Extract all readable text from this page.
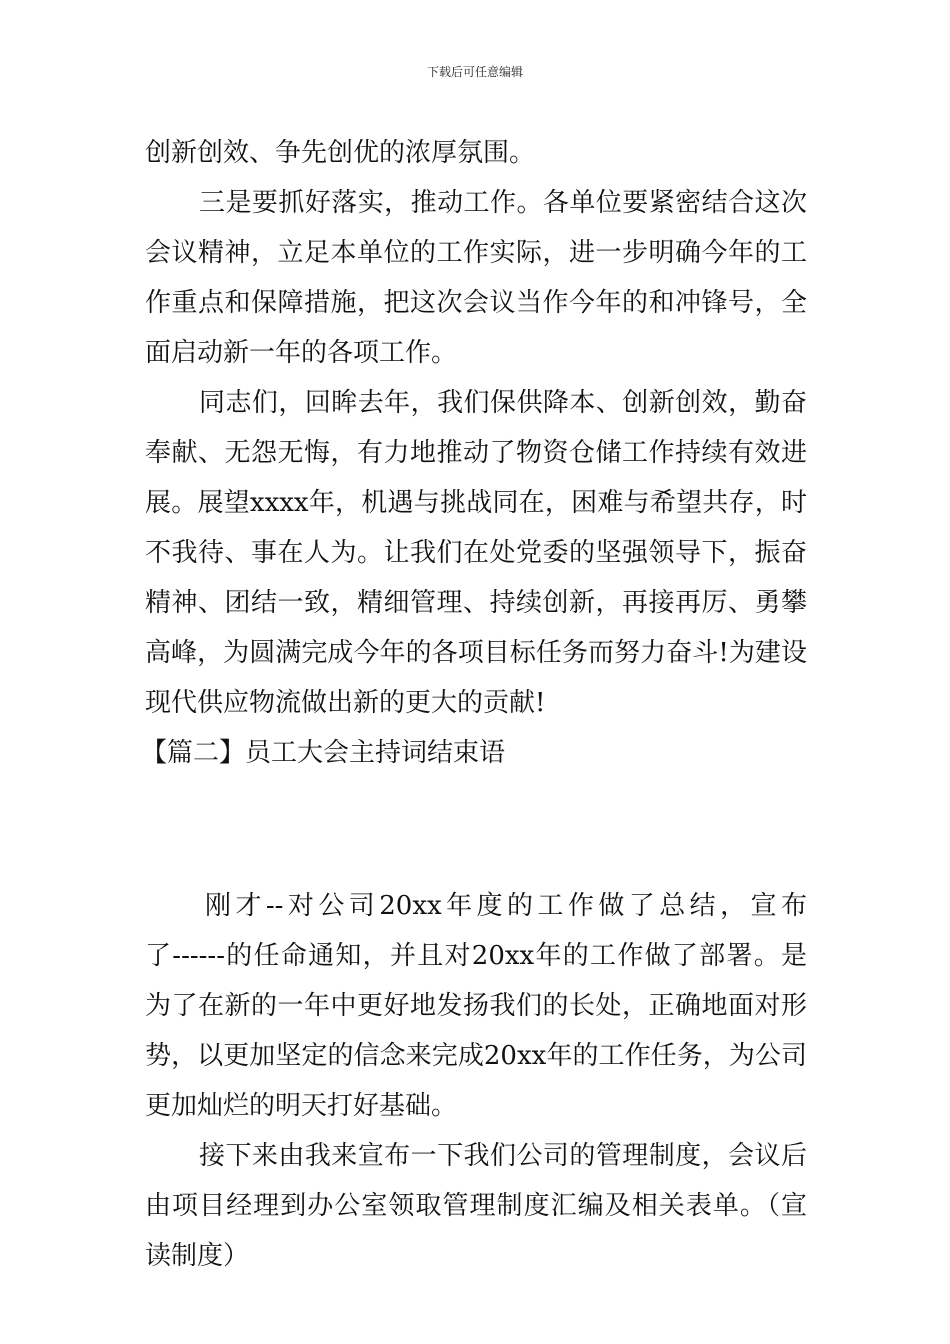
下载后可任意编辑
创新创效、争先创优的浓厚氛围。
三是要抓好落实，推动工作。各单位要紧密结合这次
会议精神，立足本单位的工作实际，进一步明确今年的工
作重点和保障措施，把这次会议当作今年的和冲锋号，全
面启动新一年的各项工作。
同志们，回眸去年，我们保供降本、创新创效，勤奋
奉献、无怨无悔，有力地推动了物资仓储工作持续有效进
展。展望xxxx年，机遇与挑战同在，困难与希望共存，时
不我待、事在人为。让我们在处党委的坚强领导下，振奋
精神、团结一致，精细管理、持续创新，再接再厉、勇攀
高峰，为圆满完成今年的各项目标任务而努力奋斗!为建设
现代供应物流做出新的更大的贡献!
【篇二】员工大会主持词结束语
刚才--对公司20xx年度的工作做了总结，宣布
了------的任命通知，并且对20xx年的工作做了部署。是
为了在新的一年中更好地发扬我们的长处，正确地面对形
势，以更加坚定的信念来完成20xx年的工作任务，为公司
更加灿烂的明天打好基础。
接下来由我来宣布一下我们公司的管理制度，会议后
由项目经理到办公室领取管理制度汇编及相关表单。（宣
读制度）
